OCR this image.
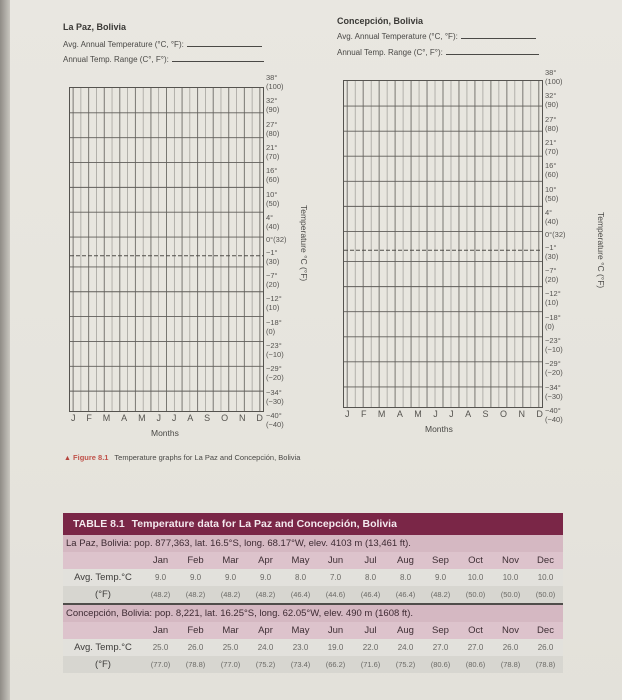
La Paz, Bolivia
Avg. Annual Temperature (°C, °F):
Annual Temp. Range (C°, F°):
Concepción, Bolivia
Avg. Annual Temperature (°C, °F):
Annual Temp. Range (C°, F°):
38°
(100)
32°
(90)
27°
(80)
21°
(70)
16°
(60)
10°
(50)
4°
(40)
0°(32)
−1°
(30)
−7°
(20)
−12°
(10)
−18°
(0)
−23°
(−10)
−29°
(−20)
−34°
(−30)
−40°
(−40)
Temperature °C (°F)
J F M A M J J A S O N D
Months
38°
(100)
32°
(90)
27°
(80)
21°
(70)
16°
(60)
10°
(50)
4°
(40)
0°(32)
−1°
(30)
−7°
(20)
−12°
(10)
−18°
(0)
−23°
(−10)
−29°
(−20)
−34°
(−30)
−40°
(−40)
Temperature °C (°F)
J F M A M J J A S O N D
Months
▲ Figure 8.1 Temperature graphs for La Paz and Concepción, Bolivia
TABLE 8.1 Temperature data for La Paz and Concepción, Bolivia
La Paz, Bolivia: pop. 877,363, lat. 16.5°S, long. 68.17°W, elev. 4103 m (13,461 ft).
Jan	Feb	Mar	Apr	May	Jun	Jul	Aug	Sep	Oct	Nov	Dec
Avg. Temp.°C	9.0	9.0	9.0	9.0	8.0	7.0	8.0	8.0	9.0	10.0	10.0	10.0
(°F)	(48.2)	(48.2)	(48.2)	(48.2)	(46.4)	(44.6)	(46.4)	(46.4)	(48.2)	(50.0)	(50.0)	(50.0)
Concepción, Bolivia: pop. 8,221, lat. 16.25°S, long. 62.05°W, elev. 490 m (1608 ft).
Jan	Feb	Mar	Apr	May	Jun	Jul	Aug	Sep	Oct	Nov	Dec
Avg. Temp.°C	25.0	26.0	25.0	24.0	23.0	19.0	22.0	24.0	27.0	27.0	26.0	26.0
(°F)	(77.0)	(78.8)	(77.0)	(75.2)	(73.4)	(66.2)	(71.6)	(75.2)	(80.6)	(80.6)	(78.8)	(78.8)
